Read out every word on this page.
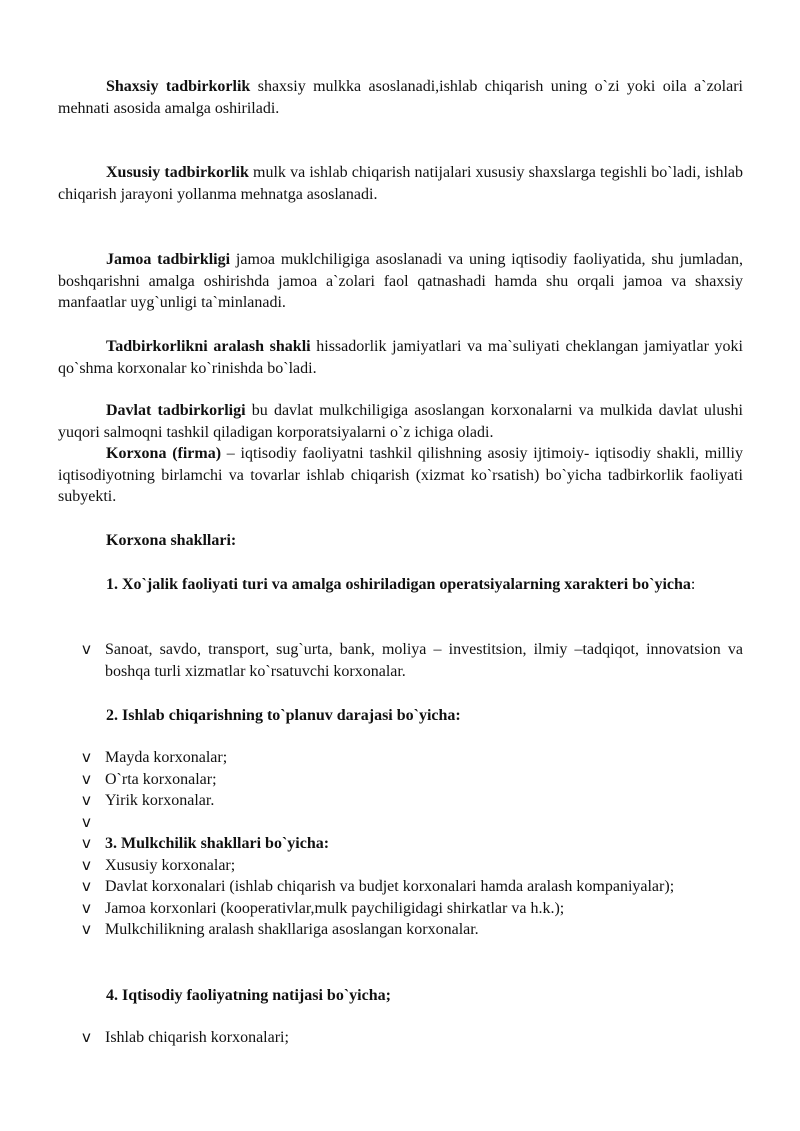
Shaxsiy tadbirkorlik shaxsiy mulkka asoslanadi,ishlab chiqarish uning o`zi yoki oila a`zolari mehnati asosida amalga oshiriladi.

Xususiy tadbirkorlik mulk va ishlab chiqarish natijalari xususiy shaxslarga tegishli bo`ladi, ishlab chiqarish jarayoni yollanma mehnatga asoslanadi.

Jamoa tadbirkligi jamoa muklchiligiga asoslanadi va uning iqtisodiy faoliyatida, shu jumladan, boshqarishni amalga oshirishda jamoa a`zolari faol qatnashadi hamda shu orqali jamoa va shaxsiy manfaatlar uyg`unligi ta`minlanadi.

Tadbirkorlikni aralash shakli hissadorlik jamiyatlari va ma`suliyati cheklangan jamiyatlar yoki qo`shma korxonalar ko`rinishda bo`ladi.

Davlat tadbirkorligi bu davlat mulkchiligiga asoslangan korxonalarni va mulkida davlat ulushi yuqori salmoqni tashkil qiladigan korporatsiyalarni o`z ichiga oladi.

Korxona (firma) – iqtisodiy faoliyatni tashkil qilishning asosiy ijtimoiy- iqtisodiy shakli, milliy iqtisodiyotning birlamchi va tovarlar ishlab chiqarish (xizmat ko`rsatish) bo`yicha tadbirkorlik faoliyati subyekti.

Korxona shakllari:

1. Xo`jalik faoliyati turi va amalga oshiriladigan operatsiyalarning xarakteri bo`yicha:

v Sanoat, savdo, transport, sug`urta, bank, moliya – investitsion, ilmiy –tadqiqot, innovatsion va boshqa turli xizmatlar ko`rsatuvchi korxonalar.

2. Ishlab chiqarishning to`planuv darajasi bo`yicha:

v Mayda korxonalar;
v O`rta korxonalar;
v Yirik korxonalar.
v
v 3. Mulkchilik shakllari bo`yicha:
v Xususiy korxonalar;
v Davlat korxonalari (ishlab chiqarish va budjet korxonalari hamda aralash kompaniyalar);
v Jamoa korxonlari (kooperativlar,mulk paychiligidagi shirkatlar va h.k.);
v Mulkchilikning aralash shakllariga asoslangan korxonalar.

4. Iqtisodiy faoliyatning natijasi bo`yicha;

v Ishlab chiqarish korxonalari;
